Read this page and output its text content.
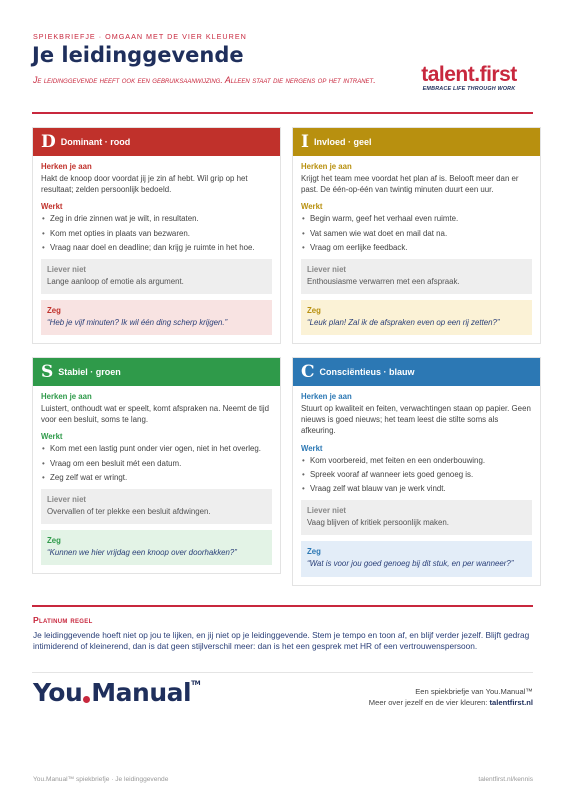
SPIEKBRIEFJE · OMGAAN MET DE VIER KLEUREN
Je leidinggevende
Je leidinggevende heeft ook een gebruiksaanwijzing. Alleen staat die nergens op het intranet.	talent.first
EMBRACE LIFE THROUGH WORK
D Dominant · rood
Herken je aan
Hakt de knoop door voordat jij je zin af hebt. Wil grip op het resultaat; zelden persoonlijk bedoeld.
Werkt
• Zeg in drie zinnen wat je wilt, in resultaten.
• Kom met opties in plaats van bezwaren.
• Vraag naar doel en deadline; dan krijg je ruimte in het hoe.
Liever niet
Lange aanloop of emotie als argument.
Zeg
“Heb je vijf minuten? Ik wil één ding scherp krijgen.”
I Invloed · geel
Herken je aan
Krijgt het team mee voordat het plan af is. Belooft meer dan er past. De één-op-één van twintig minuten duurt een uur.
Werkt
• Begin warm, geef het verhaal even ruimte.
• Vat samen wie wat doet en mail dat na.
• Vraag om eerlijke feedback.
Liever niet
Enthousiasme verwarren met een afspraak.
Zeg
“Leuk plan! Zal ik de afspraken even op een rij zetten?”
S Stabiel · groen
Herken je aan
Luistert, onthoudt wat er speelt, komt afspraken na. Neemt de tijd voor een besluit, soms te lang.
Werkt
• Kom met een lastig punt onder vier ogen, niet in het overleg.
• Vraag om een besluit mét een datum.
• Zeg zelf wat er wringt.
Liever niet
Overvallen of ter plekke een besluit afdwingen.
Zeg
“Kunnen we hier vrijdag een knoop over doorhakken?”
C Consciëntieus · blauw
Herken je aan
Stuurt op kwaliteit en feiten, verwachtingen staan op papier. Geen nieuws is goed nieuws; het team leest die stilte soms als afkeuring.
Werkt
• Kom voorbereid, met feiten en een onderbouwing.
• Spreek vooraf af wanneer iets goed genoeg is.
• Vraag zelf wat blauw van je werk vindt.
Liever niet
Vaag blijven of kritiek persoonlijk maken.
Zeg
“Wat is voor jou goed genoeg bij dit stuk, en per wanneer?”
Platinum regel
Je leidinggevende hoeft niet op jou te lijken, en jij niet op je leidinggevende. Stem je tempo en toon af, en blijf verder jezelf. Blijft gedrag intimiderend of kleinerend, dan is dat geen stijlverschil meer: dan is het een gesprek met HR of een vertrouwenspersoon.
You Manual™
Een spiekbriefje van You.Manual™
Meer over jezelf en de vier kleuren: talentfirst.nl
You.Manual™ spiekbriefje · Je leidinggevende	talentfirst.nl/kennis
